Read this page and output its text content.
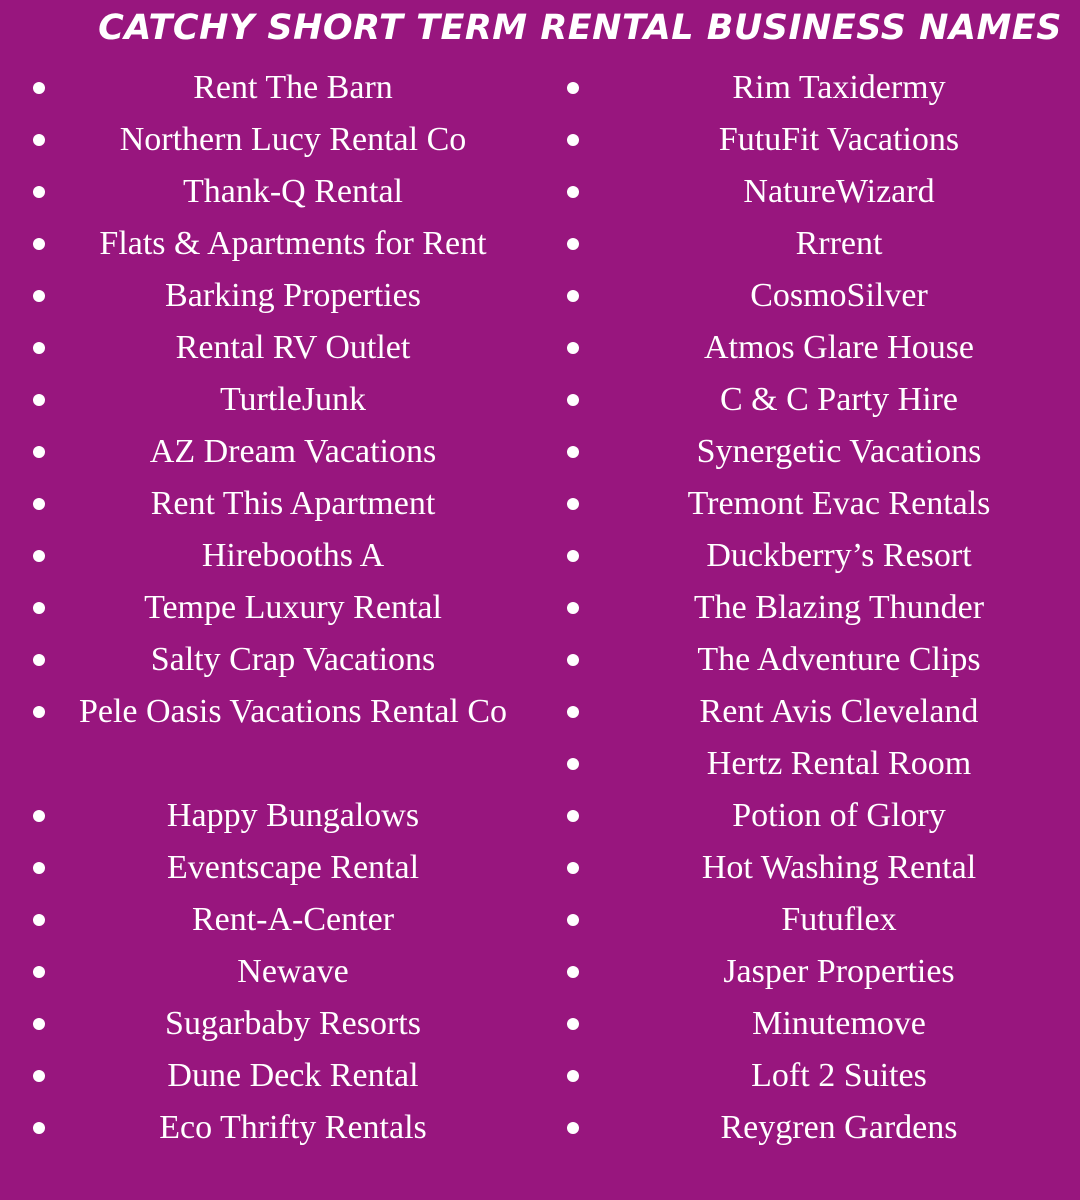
CATCHY SHORT TERM RENTAL BUSINESS NAMES
Rent The Barn
Northern Lucy Rental Co
Thank-Q Rental
Flats & Apartments for Rent
Barking Properties
Rental RV Outlet
TurtleJunk
AZ Dream Vacations
Rent This Apartment
Hirebooths A
Tempe Luxury Rental
Salty Crap Vacations
Pele Oasis Vacations Rental Co
Happy Bungalows
Eventscape Rental
Rent-A-Center
Newave
Sugarbaby Resorts
Dune Deck Rental
Eco Thrifty Rentals
Rim Taxidermy
FutuFit Vacations
NatureWizard
Rrrent
CosmoSilver
Atmos Glare House
C & C Party Hire
Synergetic Vacations
Tremont Evac Rentals
Duckberry’s Resort
The Blazing Thunder
The Adventure Clips
Rent Avis Cleveland
Hertz Rental Room
Potion of Glory
Hot Washing Rental
Futuflex
Jasper Properties
Minutemove
Loft 2 Suites
Reygren Gardens
